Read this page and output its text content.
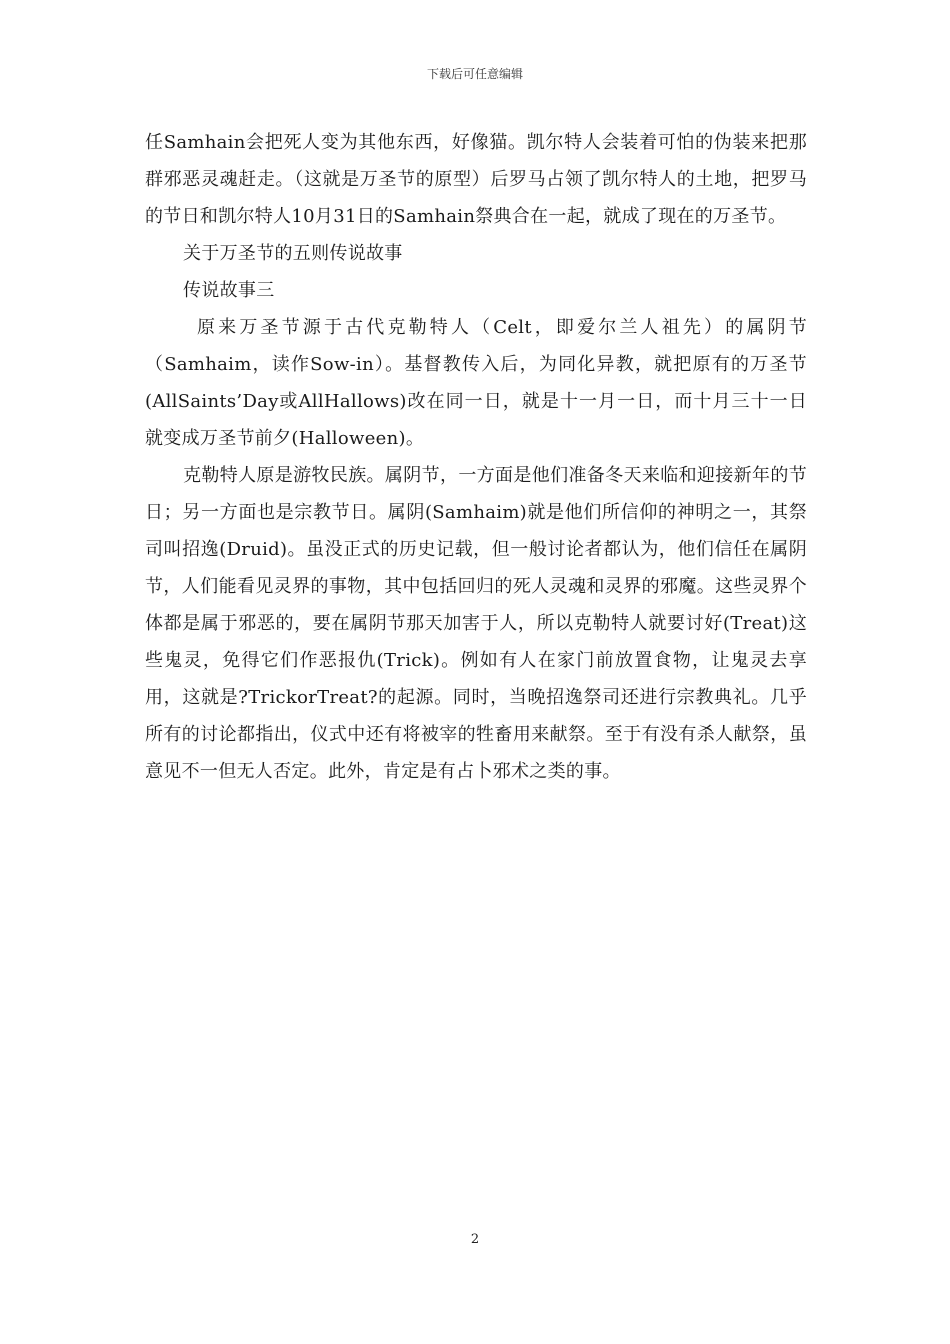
下载后可任意编辑

任Samhain会把死人变为其他东西，好像猫。凯尔特人会装着可怕的伪装来把那群邪恶灵魂赶走。（这就是万圣节的原型）后罗马占领了凯尔特人的土地，把罗马的节日和凯尔特人10月31日的Samhain祭典合在一起，就成了现在的万圣节。

关于万圣节的五则传说故事

传说故事三

原来万圣节源于古代克勒特人（Celt，即爱尔兰人祖先）的属阴节（Samhaim，读作Sow-in）。基督教传入后，为同化异教，就把原有的万圣节(AllSaints’Day或AllHallows)改在同一日，就是十一月一日，而十月三十一日就变成万圣节前夕(Halloween)。

克勒特人原是游牧民族。属阴节，一方面是他们准备冬天来临和迎接新年的节日；另一方面也是宗教节日。属阴(Samhaim)就是他们所信仰的神明之一，其祭司叫招逸(Druid)。虽没正式的历史记载，但一般讨论者都认为，他们信任在属阴节，人们能看见灵界的事物，其中包括回归的死人灵魂和灵界的邪魔。这些灵界个体都是属于邪恶的，要在属阴节那天加害于人，所以克勒特人就要讨好(Treat)这些鬼灵，免得它们作恶报仇(Trick)。例如有人在家门前放置食物，让鬼灵去享用，这就是?TrickorTreat?的起源。同时，当晚招逸祭司还进行宗教典礼。几乎所有的讨论都指出，仪式中还有将被宰的牲畜用来献祭。至于有没有杀人献祭，虽意见不一但无人否定。此外，肯定是有占卜邪术之类的事。

2
